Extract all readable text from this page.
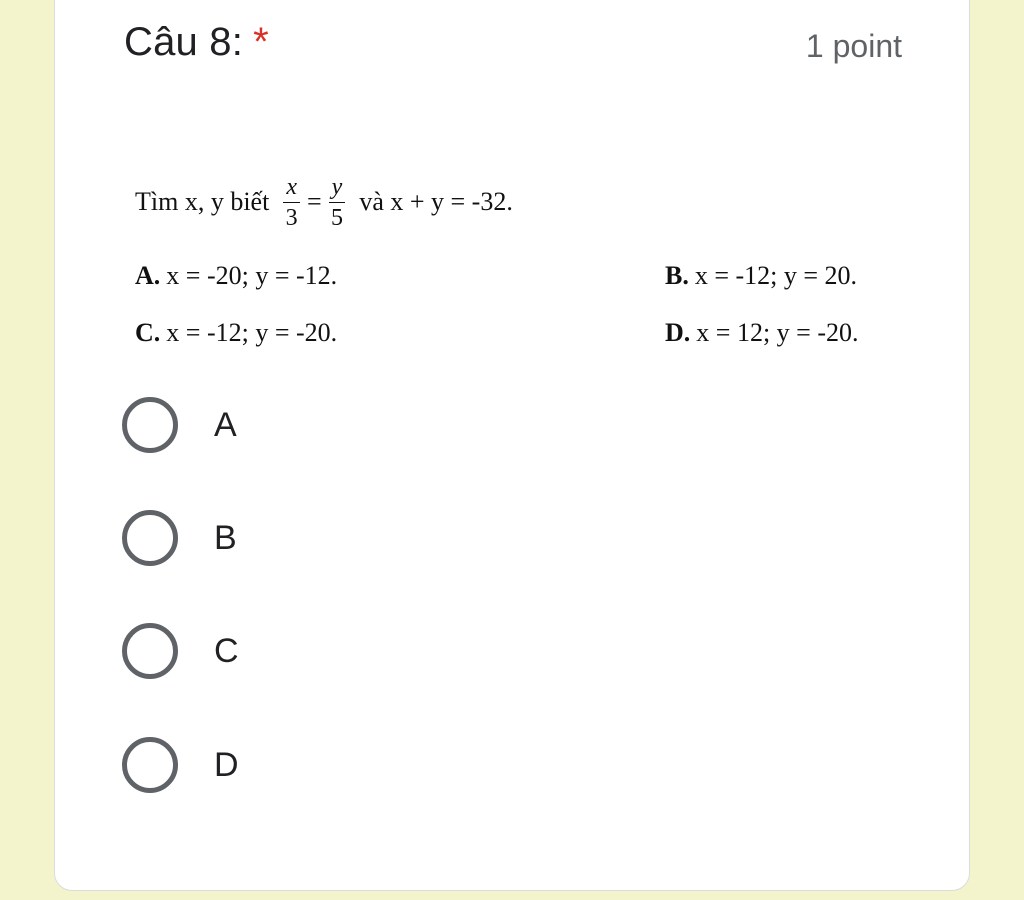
Câu 8: *	1 point
Tìm x, y biết $\frac{x}{3} = \frac{y}{5}$ và x + y = -32.
A. x = -20; y = -12.	B. x = -12; y = 20.
C. x = -12; y = -20.	D. x = 12; y = -20.
A
B
C
D
